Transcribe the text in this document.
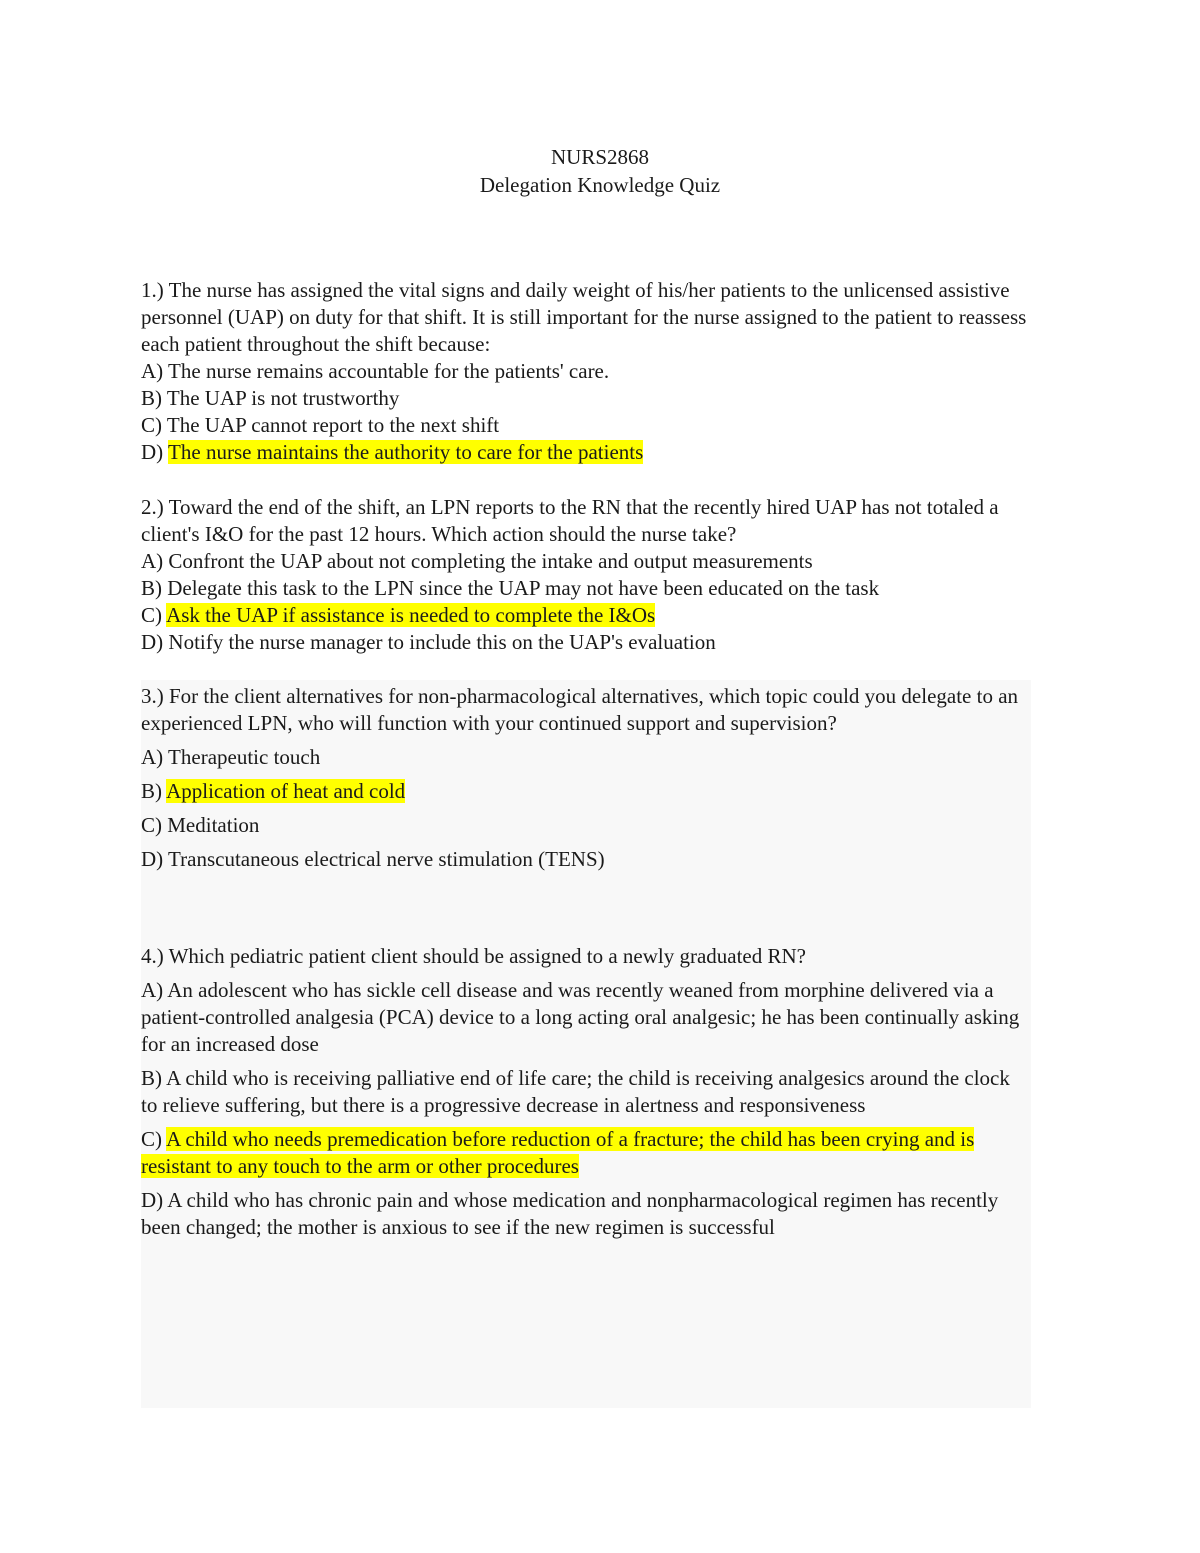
NURS2868
Delegation Knowledge Quiz
1.) The nurse has assigned the vital signs and daily weight of his/her patients to the unlicensed assistive personnel (UAP) on duty for that shift. It is still important for the nurse assigned to the patient to reassess each patient throughout the shift because:
A) The nurse remains accountable for the patients' care.
B) The UAP is not trustworthy
C) The UAP cannot report to the next shift
D) The nurse maintains the authority to care for the patients
2.) Toward the end of the shift, an LPN reports to the RN that the recently hired UAP has not totaled a client's I&O for the past 12 hours. Which action should the nurse take?
A) Confront the UAP about not completing the intake and output measurements
B) Delegate this task to the LPN since the UAP may not have been educated on the task
C) Ask the UAP if assistance is needed to complete the I&Os
D) Notify the nurse manager to include this on the UAP's evaluation
3.) For the client alternatives for non-pharmacological alternatives, which topic could you delegate to an experienced LPN, who will function with your continued support and supervision?
A) Therapeutic touch
B) Application of heat and cold
C) Meditation
D) Transcutaneous electrical nerve stimulation (TENS)
4.) Which pediatric patient client should be assigned to a newly graduated RN?
A) An adolescent who has sickle cell disease and was recently weaned from morphine delivered via a patient-controlled analgesia (PCA) device to a long acting oral analgesic; he has been continually asking for an increased dose
B) A child who is receiving palliative end of life care; the child is receiving analgesics around the clock to relieve suffering, but there is a progressive decrease in alertness and responsiveness
C) A child who needs premedication before reduction of a fracture; the child has been crying and is resistant to any touch to the arm or other procedures
D) A child who has chronic pain and whose medication and nonpharmacological regimen has recently been changed; the mother is anxious to see if the new regimen is successful
